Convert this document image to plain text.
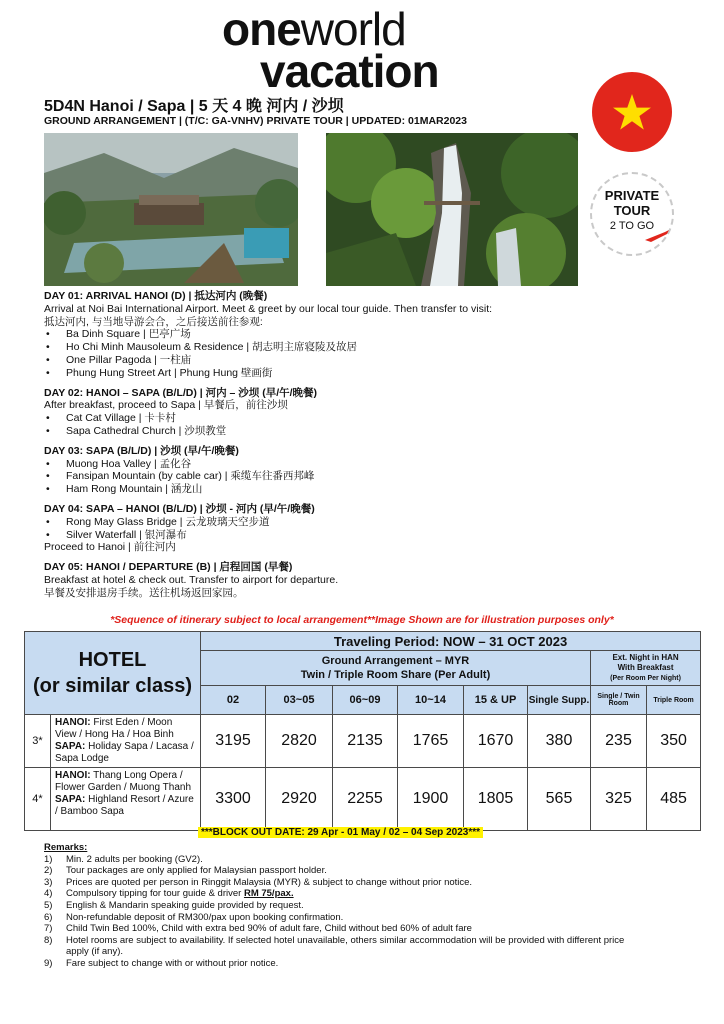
oneworld
vacation
PRIVATE
TOUR
2 TO GO
5D4N Hanoi / Sapa | 5 天 4 晚 河内 / 沙坝
GROUND ARRANGEMENT | (T/C: GA-VNHV) PRIVATE TOUR | UPDATED: 01MAR2023
DAY 01: ARRIVAL HANOI (D) | 抵达河内 (晚餐)
Arrival at Noi Bai International Airport. Meet & greet by our local tour guide. Then transfer to visit:
抵达河内, 与当地导游会合，之后接送前往参观:
• Ba Dinh Square | 巴亭广场
• Ho Chi Minh Mausoleum & Residence | 胡志明主席寝陵及故居
• One Pillar Pagoda | 一柱庙
• Phung Hung Street Art | Phung Hung 壁画街
DAY 02: HANOI – SAPA (B/L/D) | 河内 – 沙坝 (早/午/晚餐)
After breakfast, proceed to Sapa | 早餐后，前往沙坝
• Cat Cat Village | 卡卡村
• Sapa Cathedral Church | 沙坝教堂
DAY 03: SAPA (B/L/D) | 沙坝 (早/午/晚餐)
• Muong Hoa Valley | 孟化谷
• Fansipan Mountain (by cable car) | 乘缆车往番西邦峰
• Ham Rong Mountain | 涵龙山
DAY 04: SAPA – HANOI (B/L/D) | 沙坝 - 河内 (早/午/晚餐)
• Rong May Glass Bridge | 云龙玻璃天空步道
• Silver Waterfall | 银河瀑布
Proceed to Hanoi | 前往河内
DAY 05: HANOI / DEPARTURE (B) | 启程回国 (早餐)
Breakfast at hotel & check out. Transfer to airport for departure.
早餐及安排退房手续。送往机场返回家园。
*Sequence of itinerary subject to local arrangement**Image Shown are for illustration purposes only*
HOTEL
(or similar class)		Traveling Period: NOW – 31 OCT 2023							
		Ground Arrangement – MYR
Twin / Triple Room Share (Per Adult)						Ext. Night in HAN
With Breakfast
(Per Room Per Night)	
		02	03~05	06~09	10~14	15 & UP	Single Supp.	Single / Twin Room	Triple Room
3*	HANOI: First Eden / Moon View / Hong Ha / Hoa Binh
SAPA: Holiday Sapa / Lacasa / Sapa Lodge	3195	2820	2135	1765	1670	380	235	350
4*	HANOI: Thang Long Opera / Flower Garden / Muong Thanh
SAPA: Highland Resort / Azure / Bamboo Sapa	3300	2920	2255	1900	1805	565	325	485
***BLOCK OUT DATE: 29 Apr - 01 May / 02 – 04 Sep 2023***
Remarks:
1)	Min. 2 adults per booking (GV2).
2)	Tour packages are only applied for Malaysian passport holder.
3)	Prices are quoted per person in Ringgit Malaysia (MYR) & subject to change without prior notice.
4)	Compulsory tipping for tour guide & driver RM 75/pax.
5)	English & Mandarin speaking guide provided by request.
6)	Non-refundable deposit of RM300/pax upon booking confirmation.
7)	Child Twin Bed 100%, Child with extra bed 90% of adult fare, Child without bed 60% of adult fare
8)	Hotel rooms are subject to availability. If selected hotel unavailable, others similar accommodation will be provided with different price apply (if any).
9)	Fare subject to change with or without prior notice.
